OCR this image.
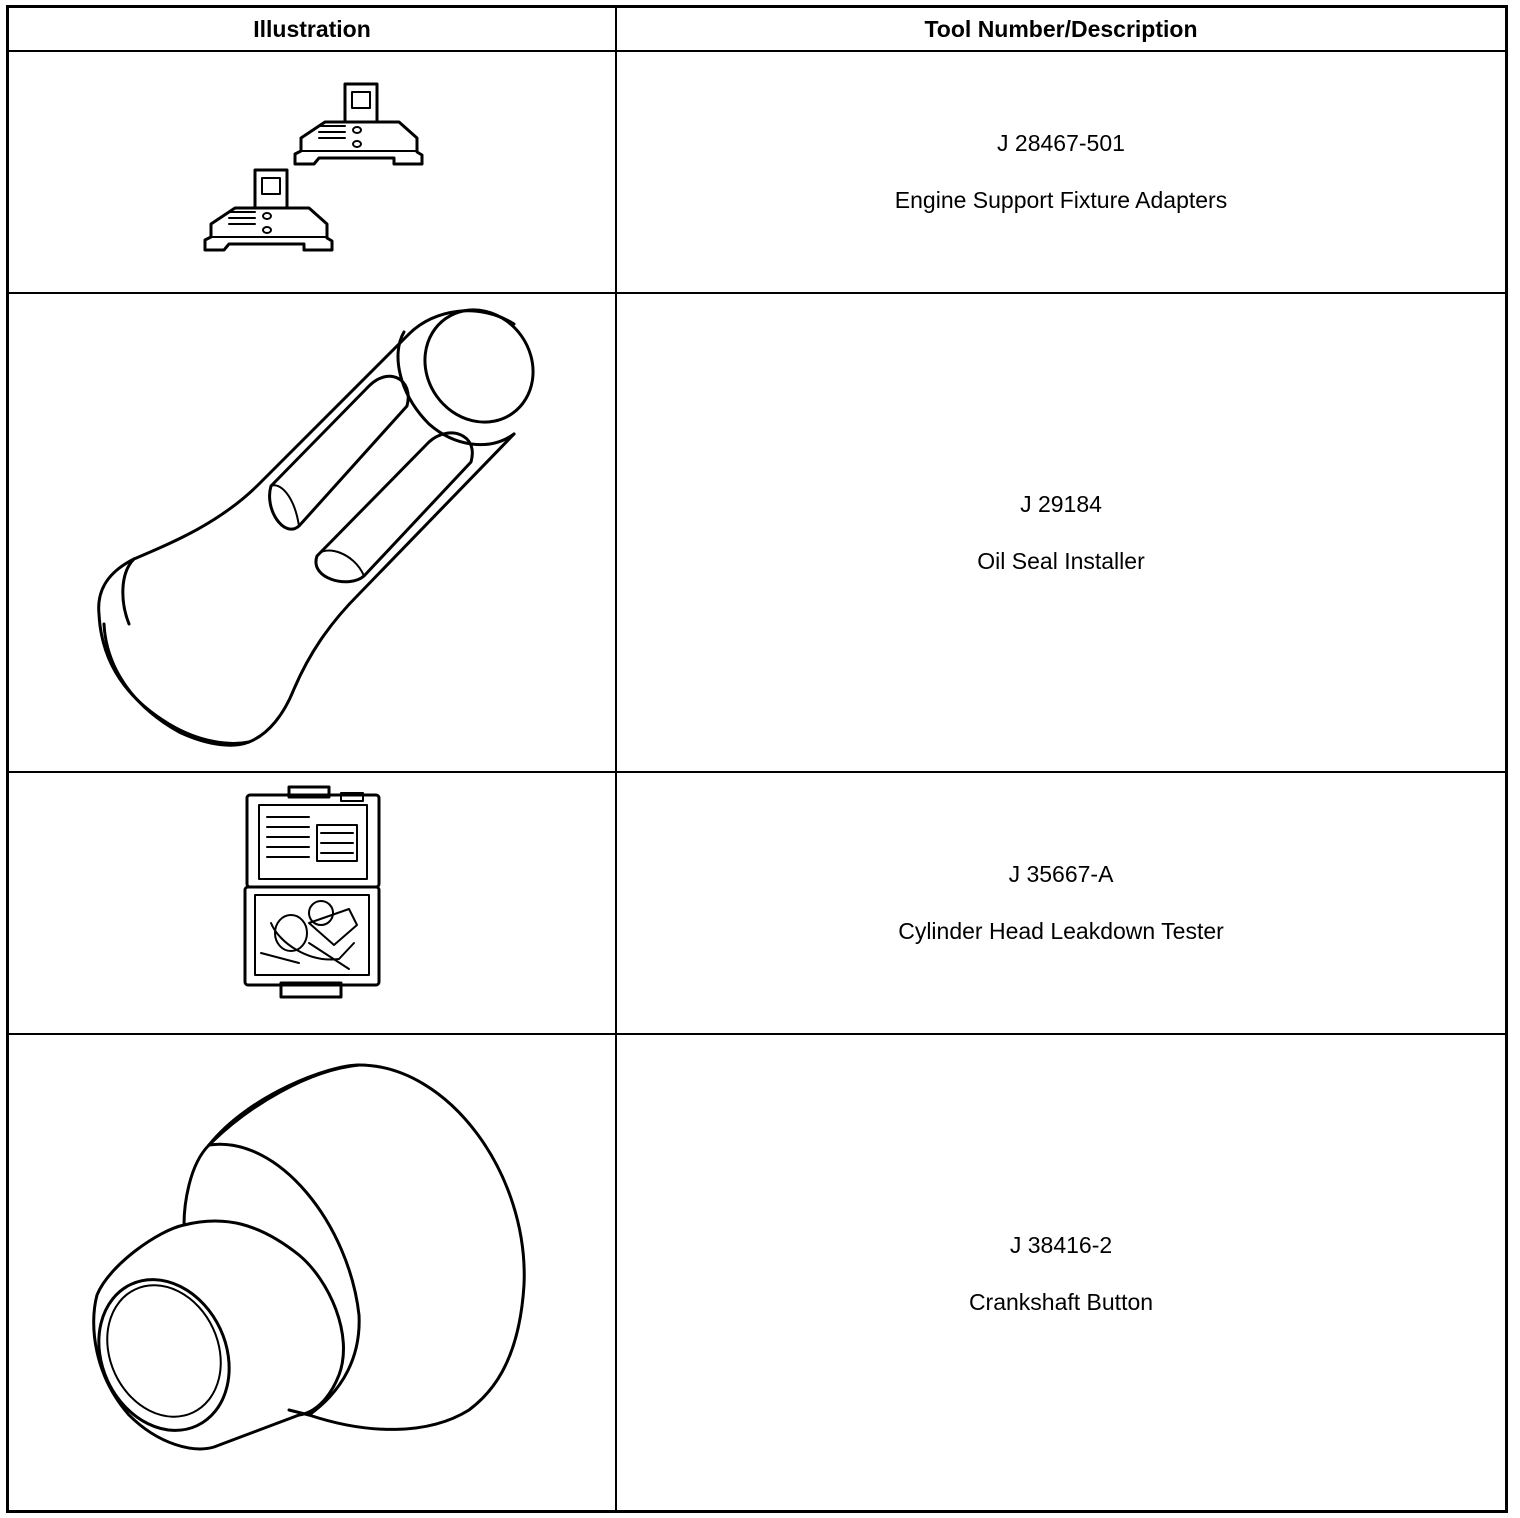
Illustration	Tool Number/Description
J 28467-501
Engine Support Fixture Adapters
J 29184
Oil Seal Installer
J 35667-A
Cylinder Head Leakdown Tester
J 38416-2
Crankshaft Button
